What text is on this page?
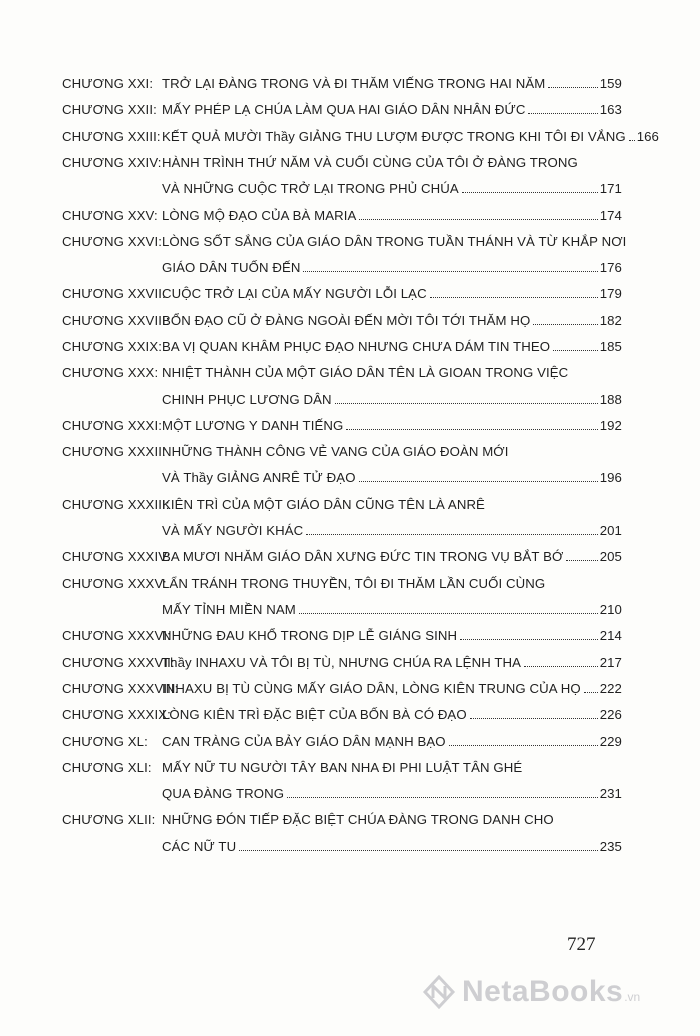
CHƯƠNG XXI: TRỞ LẠI ĐÀNG TRONG VÀ ĐI THĂM VIẾNG TRONG HAI NĂM	159
CHƯƠNG XXII: MẤY PHÉP LẠ CHÚA LÀM QUA HAI GIÁO DÂN NHÂN ĐỨC	163
CHƯƠNG XXIII: KẾT QUẢ MƯỜI Thầy GIẢNG THU LƯỢM ĐƯỢC TRONG KHI TÔI ĐI VẮNG 166
CHƯƠNG XXIV: HÀNH TRÌNH THỨ NĂM VÀ CUỐI CÙNG CỦA TÔI Ở ĐÀNG TRONG
VÀ NHỮNG CUỘC TRỞ LẠI TRONG PHỦ CHÚA	171
CHƯƠNG XXV: LÒNG MỘ ĐẠO CỦA BÀ MARIA	174
CHƯƠNG XXVI: LÒNG SỐT SẮNG CỦA GIÁO DÂN TRONG TUẦN THÁNH VÀ TỪ KHẮP NƠI
GIÁO DÂN TUỐN ĐẾN	176
CHƯƠNG XXVII:
CUỘC TRỞ LẠI CỦA MẤY NGƯỜI LỖI LẠC	179
CHƯƠNG XXVIII:
BỔN ĐẠO CŨ Ở ĐÀNG NGOÀI ĐẾN MỜI TÔI TỚI THĂM HỌ	182
CHƯƠNG XXIX: BA VỊ QUAN KHÂM PHỤC ĐẠO NHƯNG CHƯA DÁM TIN THEO	185
CHƯƠNG XXX: NHIỆT THÀNH CỦA MỘT GIÁO DÂN TÊN LÀ GIOAN TRONG VIỆC
CHINH PHỤC LƯƠNG DÂN	188
CHƯƠNG XXXI: MỘT LƯƠNG Y DANH TIẾNG	192
CHƯƠNG XXXII:
NHỮNG THÀNH CÔNG VẺ VANG CỦA GIÁO ĐOÀN MỚI
VÀ Thầy GIẢNG ANRÊ TỬ ĐẠO	196
CHƯƠNG XXXIII:
KIÊN TRÌ CỦA MỘT GIÁO DÂN CŨNG TÊN LÀ ANRÊ
VÀ MẤY NGƯỜI KHÁC	201
CHƯƠNG XXXIV:
BA MƯƠI NHĂM GIÁO DÂN XƯNG ĐỨC TIN TRONG VỤ BẮT BỚ	205
CHƯƠNG XXXV:
LẨN TRÁNH TRONG THUYỀN, TÔI ĐI THĂM LẦN CUỐI CÙNG
MẤY TỈNH MIỀN NAM	210
CHƯƠNG XXXVI:
NHỮNG ĐAU KHỔ TRONG DỊP LỄ GIÁNG SINH	214
CHƯƠNG XXXVII:
Thầy INHAXU VÀ TÔI BỊ TÙ, NHƯNG CHÚA RA LỆNH THA	217
CHƯƠNG XXXVIII:
INHAXU BỊ TÙ CÙNG MẤY GIÁO DÂN, LÒNG KIÊN TRUNG CỦA HỌ 222
CHƯƠNG XXXIX:
LÒNG KIÊN TRÌ ĐẶC BIỆT CỦA BỐN BÀ CÓ ĐẠO	226
CHƯƠNG XL:	CAN TRÀNG CỦA BẢY GIÁO DÂN MẠNH BẠO	229
CHƯƠNG XLI: MẤY NỮ TU NGƯỜI TÂY BAN NHA ĐI PHI LUẬT TÂN GHÉ
QUA ĐÀNG TRONG	231
CHƯƠNG XLII: NHỮNG ĐÓN TIẾP ĐẶC BIỆT CHÚA ĐÀNG TRONG DANH CHO
CÁC NỮ TU	235
727
NetaBooks .vn
